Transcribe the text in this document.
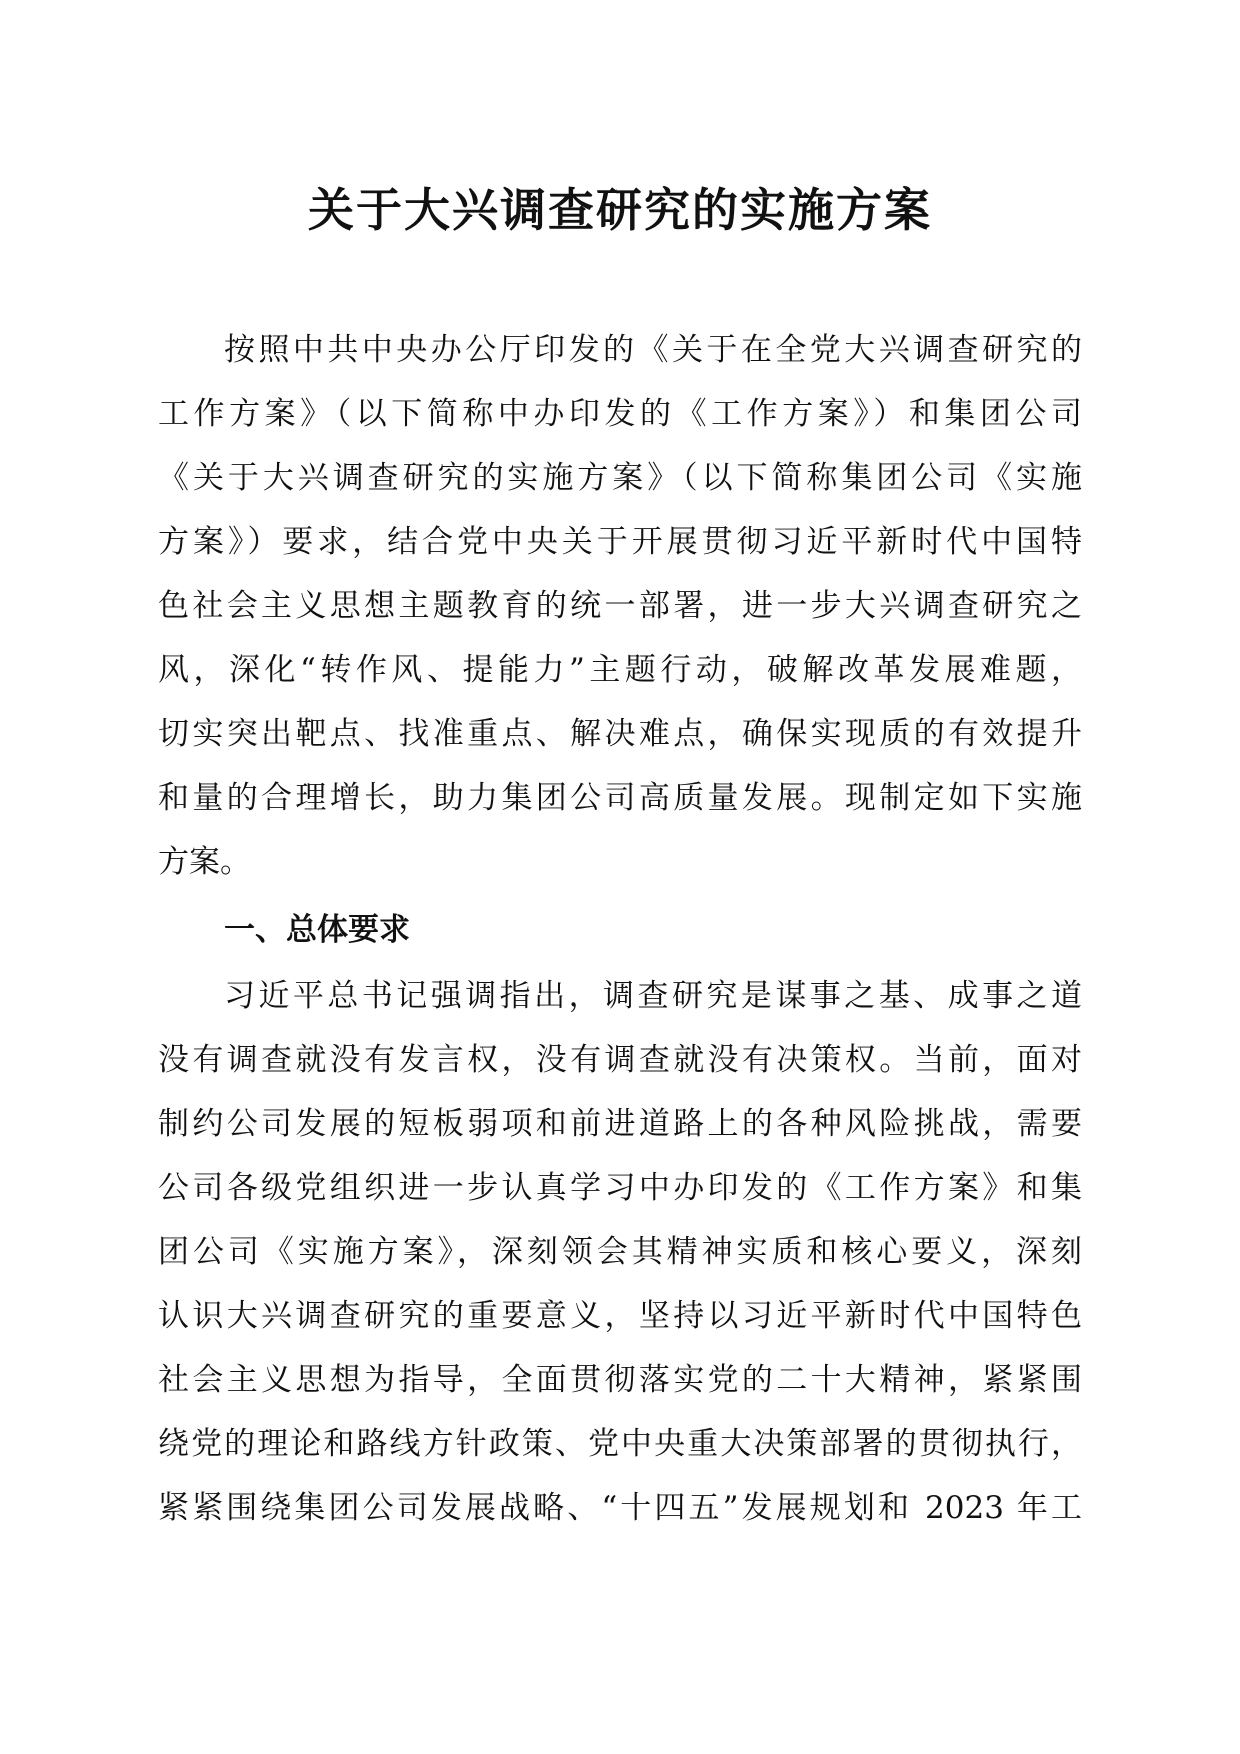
关于大兴调查研究的实施方案

按照中共中央办公厅印发的《关于在全党大兴调查研究的

工作方案》（以下简称中办印发的《工作方案》）和集团公司

《关于大兴调查研究的实施方案》（以下简称集团公司《实施

方案》）要求，结合党中央关于开展贯彻习近平新时代中国特

色社会主义思想主题教育的统一部署，进一步大兴调查研究之

风，深化“转作风、提能力”主题行动，破解改革发展难题，

切实突出靶点、找准重点、解决难点，确保实现质的有效提升

和量的合理增长，助力集团公司高质量发展。现制定如下实施

方案。

一、总体要求

习近平总书记强调指出，调查研究是谋事之基、成事之道

没有调查就没有发言权，没有调查就没有决策权。当前，面对

制约公司发展的短板弱项和前进道路上的各种风险挑战，需要

公司各级党组织进一步认真学习中办印发的《工作方案》和集

团公司《实施方案》，深刻领会其精神实质和核心要义，深刻

认识大兴调查研究的重要意义，坚持以习近平新时代中国特色

社会主义思想为指导，全面贯彻落实党的二十大精神，紧紧围

绕党的理论和路线方针政策、党中央重大决策部署的贯彻执行，

紧紧围绕集团公司发展战略、“十四五”发展规划和 2023 年工
